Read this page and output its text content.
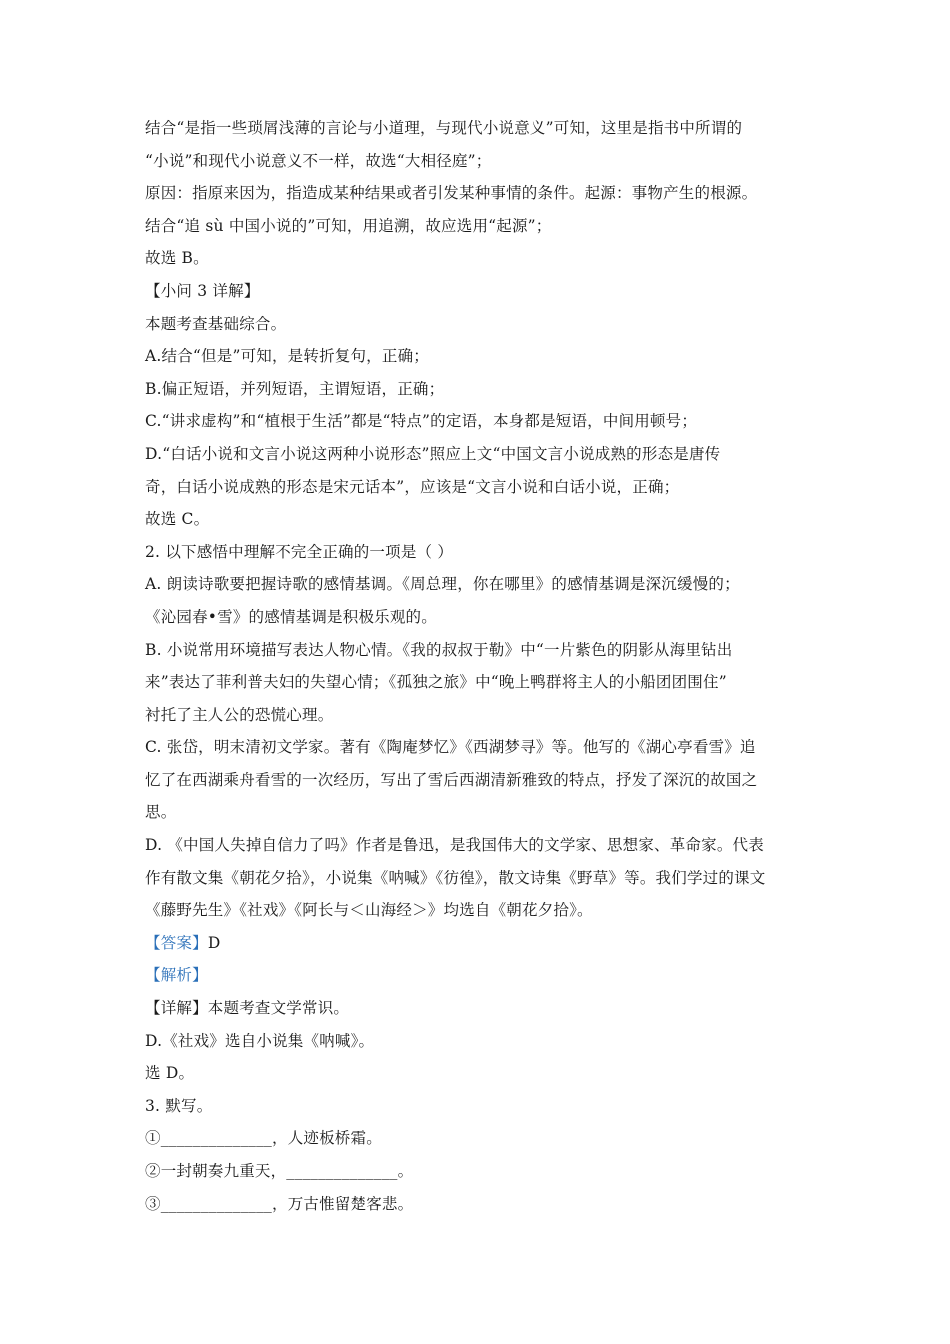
结合“是指一些琐屑浅薄的言论与小道理，与现代小说意义”可知，这里是指书中所谓的
“小说”和现代小说意义不一样，故选“大相径庭”；
原因：指原来因为，指造成某种结果或者引发某种事情的条件。起源：事物产生的根源。
结合“追 sù 中国小说的”可知，用追溯，故应选用“起源”；
故选 B。
【小问 3 详解】
本题考查基础综合。
A.结合“但是”可知，是转折复句，正确；
B.偏正短语，并列短语，主谓短语，正确；
C.“讲求虚构”和“植根于生活”都是“特点”的定语，本身都是短语，中间用顿号；
D.“白话小说和文言小说这两种小说形态”照应上文“中国文言小说成熟的形态是唐传
奇，白话小说成熟的形态是宋元话本”，应该是“文言小说和白话小说，正确；
故选 C。
2. 以下感悟中理解不完全正确的一项是（ ）
A. 朗读诗歌要把握诗歌的感情基调。《周总理，你在哪里》的感情基调是深沉缓慢的；
《沁园春•雪》的感情基调是积极乐观的。
B. 小说常用环境描写表达人物心情。《我的叔叔于勒》中“一片紫色的阴影从海里钻出
来”表达了菲利普夫妇的失望心情；《孤独之旅》中“晚上鸭群将主人的小船团团围住”
衬托了主人公的恐慌心理。
C. 张岱，明末清初文学家。著有《陶庵梦忆》《西湖梦寻》等。他写的《湖心亭看雪》追
忆了在西湖乘舟看雪的一次经历，写出了雪后西湖清新雅致的特点，抒发了深沉的故国之
思。
D. 《中国人失掉自信力了吗》作者是鲁迅，是我国伟大的文学家、思想家、革命家。代表
作有散文集《朝花夕拾》，小说集《呐喊》《彷徨》，散文诗集《野草》等。我们学过的课文
《藤野先生》《社戏》《阿长与＜山海经＞》均选自《朝花夕拾》。
【答案】D
【解析】
【详解】本题考查文学常识。
D.《社戏》选自小说集《呐喊》。
选 D。
3. 默写。
①______________，人迹板桥霜。
②一封朝奏九重天，______________。
③______________，万古惟留楚客悲。
